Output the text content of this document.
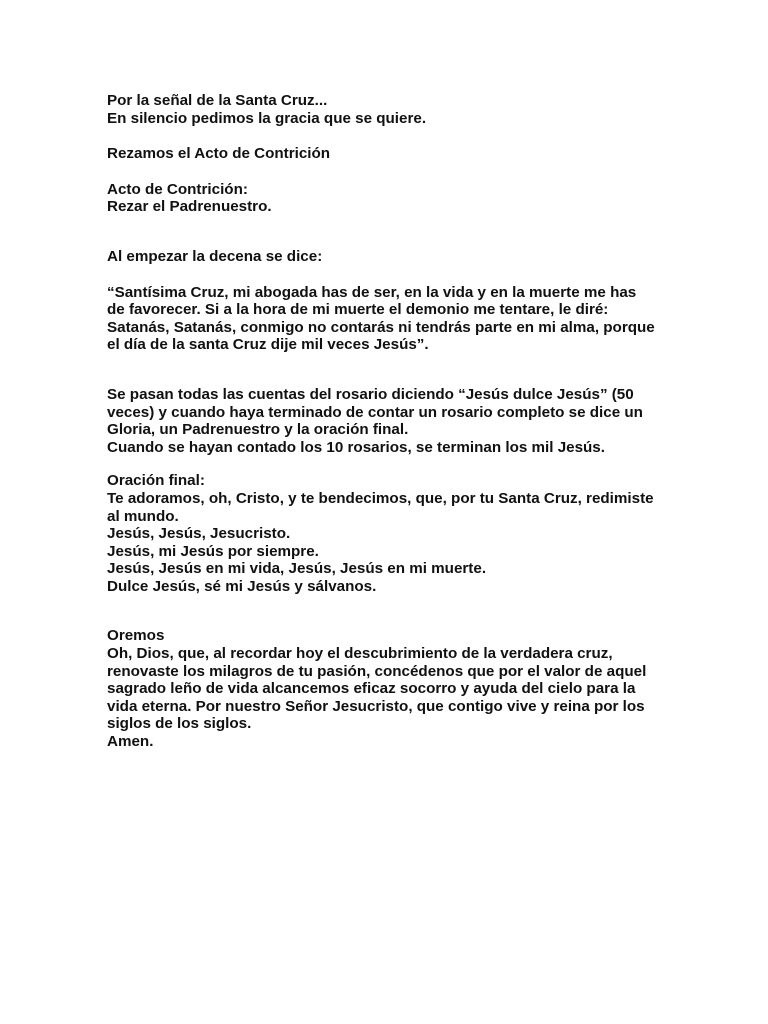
Por la señal de la Santa Cruz...
En silencio pedimos la gracia que se quiere.

Rezamos el Acto de Contrición

Acto de Contrición:
Rezar el Padrenuestro.

Al empezar la decena se dice:

“Santísima Cruz, mi abogada has de ser, en la vida y en la muerte me has
de favorecer. Si a la hora de mi muerte el demonio me tentare, le diré:
Satanás, Satanás, conmigo no contarás ni tendrás parte en mi alma, porque
el día de la santa Cruz dije mil veces Jesús”.

Se pasan todas las cuentas del rosario diciendo “Jesús dulce Jesús” (50
veces) y cuando haya terminado de contar un rosario completo se dice un
Gloria, un Padrenuestro y la oración final.
Cuando se hayan contado los 10 rosarios, se terminan los mil Jesús.

Oración final:
Te adoramos, oh, Cristo, y te bendecimos, que, por tu Santa Cruz, redimiste
al mundo.
Jesús, Jesús, Jesucristo.
Jesús, mi Jesús por siempre.
Jesús, Jesús en mi vida, Jesús, Jesús en mi muerte.
Dulce Jesús, sé mi Jesús y sálvanos.

Oremos
Oh, Dios, que, al recordar hoy el descubrimiento de la verdadera cruz,
renovaste los milagros de tu pasión, concédenos que por el valor de aquel
sagrado leño de vida alcancemos eficaz socorro y ayuda del cielo para la
vida eterna. Por nuestro Señor Jesucristo, que contigo vive y reina por los
siglos de los siglos.
Amen.
